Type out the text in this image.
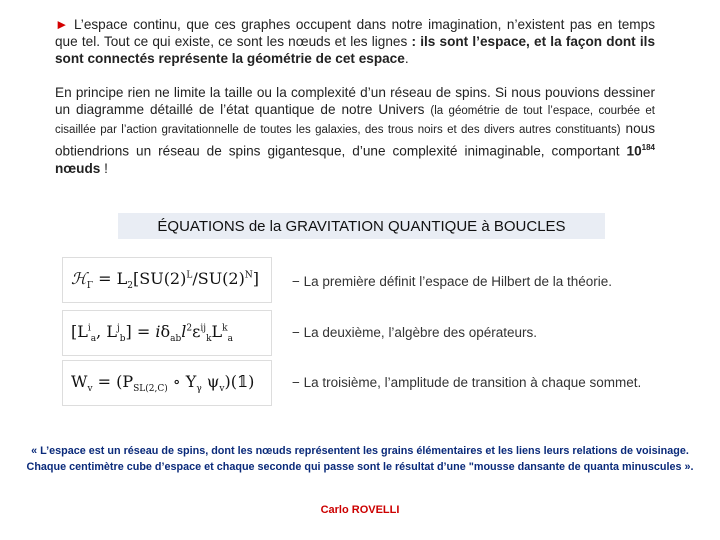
► L’espace continu, que ces graphes occupent dans notre imagination, n’existent pas en temps que tel. Tout ce qui existe, ce sont les nœuds et les lignes : ils sont l’espace, et la façon dont ils sont connectés représente la géométrie de cet espace.
En principe rien ne limite la taille ou la complexité d’un réseau de spins. Si nous pouvions dessiner un diagramme détaillé de l’état quantique de notre Univers (la géométrie de tout l’espace, courbée et cisaillée par l’action gravitationnelle de toutes les galaxies, des trous noirs et des divers autres constituants) nous obtiendrions un réseau de spins gigantesque, d’une complexité inimaginable, comportant $10^{184}$ nœuds !
ÉQUATIONS de la GRAVITATION QUANTIQUE à BOUCLES
ℋ$_\Gamma$ = $L_2[SU(2)^L/SU(2)^N]$
[$L^i_a$, $L^j_b] = i\delta_{ab}l^2\varepsilon^{ij}_kL^k_a$
$W_v = (P_{SL(2,C)}$ ∘ $Y_\gamma$ $\psi_v)(𝟙)$
− La première définit l’espace de Hilbert de la théorie.
− La deuxième, l’algèbre des opérateurs.
− La troisième, l’amplitude de transition à chaque sommet.
« L’espace est un réseau de spins, dont les nœuds représentent les grains élémentaires et les liens leurs relations de voisinage. Chaque centimètre cube d’espace et chaque seconde qui passe sont le résultat d’une "mousse dansante de quanta minuscules ».
Carlo ROVELLI
